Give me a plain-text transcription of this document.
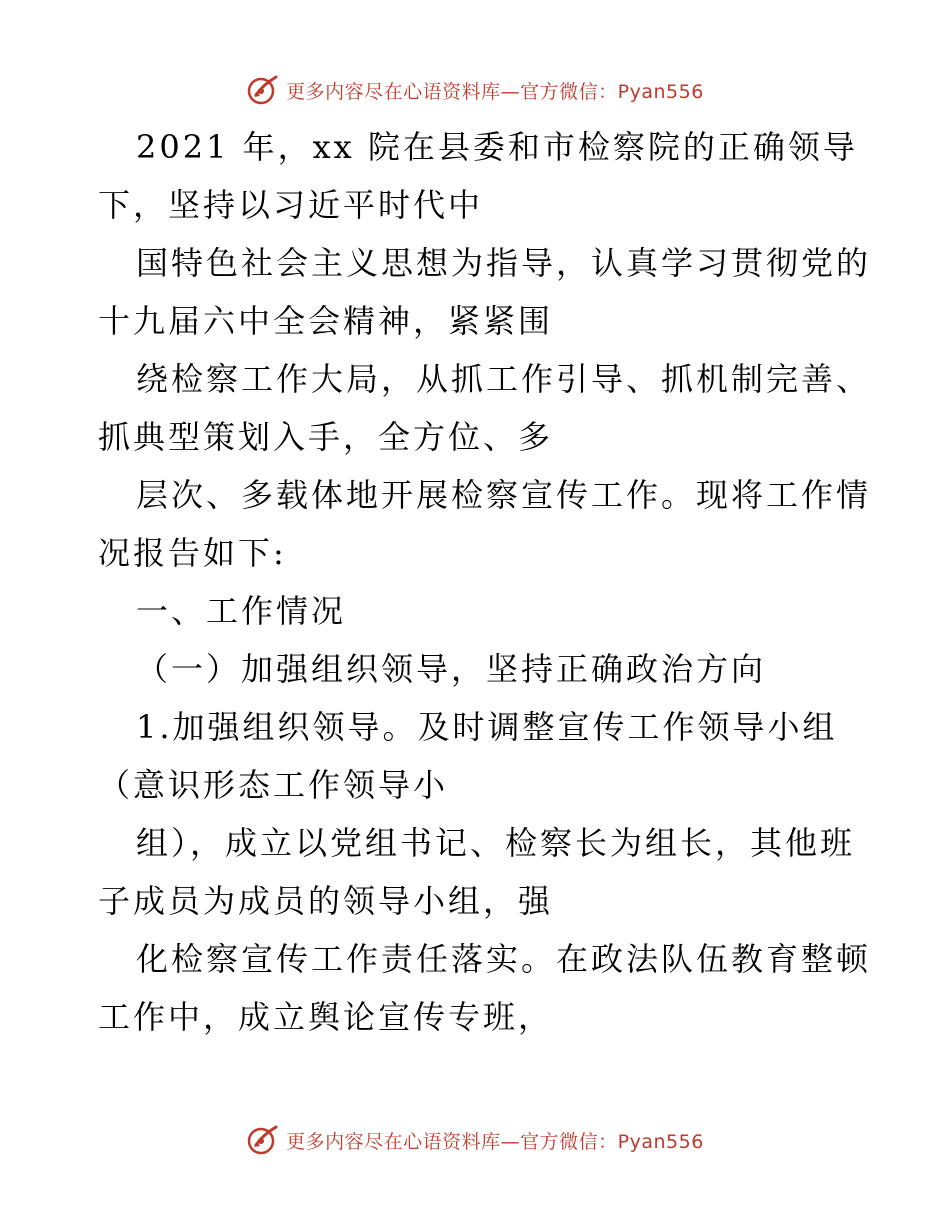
更多内容尽在心语资料库—官方微信：Pyan556
2021 年，xx 院在县委和市检察院的正确领导
下，坚持以习近平时代中
国特色社会主义思想为指导，认真学习贯彻党的
十九届六中全会精神，紧紧围
绕检察工作大局，从抓工作引导、抓机制完善、
抓典型策划入手，全方位、多
层次、多载体地开展检察宣传工作。现将工作情
况报告如下:
一、工作情况
（一）加强组织领导，坚持正确政治方向
1.加强组织领导。及时调整宣传工作领导小组
（意识形态工作领导小
组），成立以党组书记、检察长为组长，其他班
子成员为成员的领导小组，强
化检察宣传工作责任落实。在政法队伍教育整顿
工作中，成立舆论宣传专班，
更多内容尽在心语资料库—官方微信：Pyan556
